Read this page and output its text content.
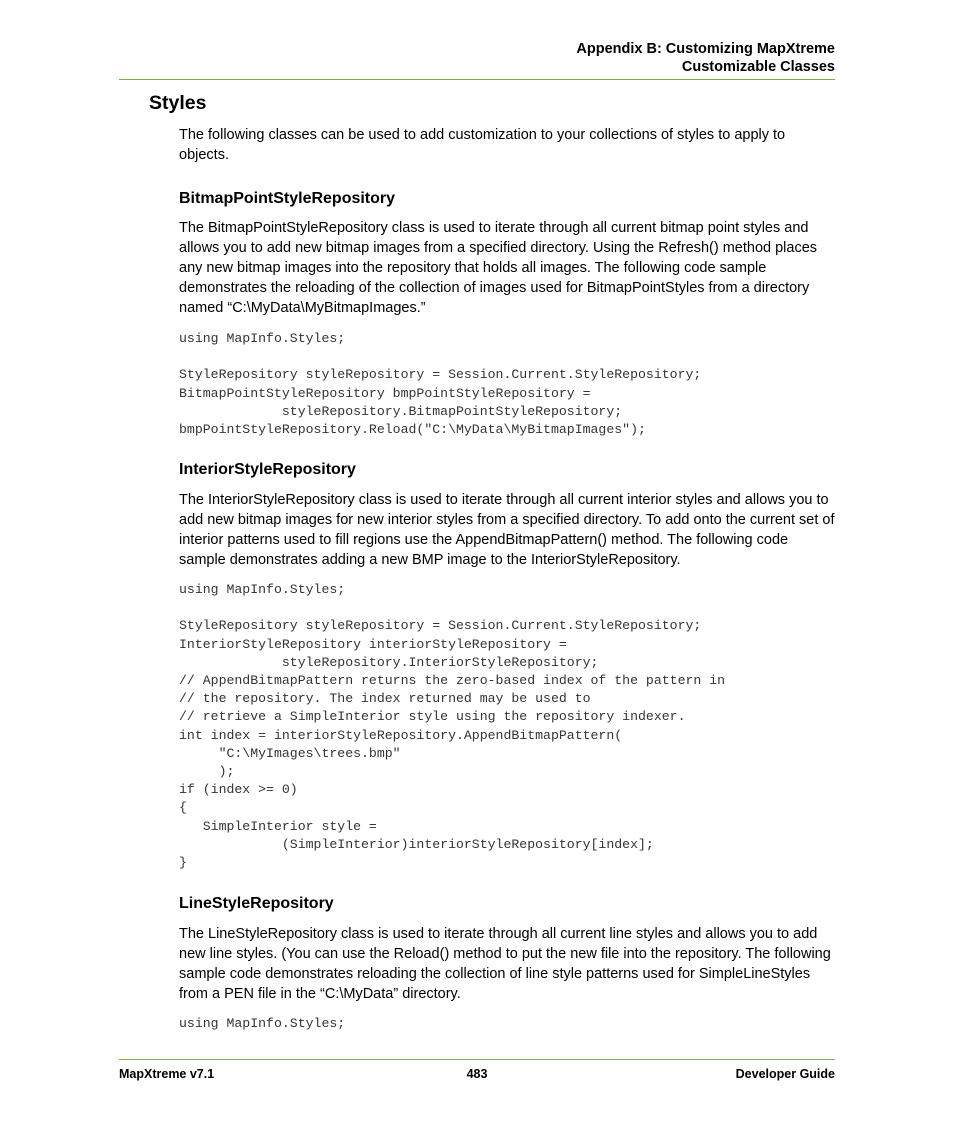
Appendix B: Customizing MapXtreme
Customizable Classes
Styles
The following classes can be used to add customization to your collections of styles to apply to objects.
BitmapPointStyleRepository
The BitmapPointStyleRepository class is used to iterate through all current bitmap point styles and allows you to add new bitmap images from a specified directory. Using the Refresh() method places any new bitmap images into the repository that holds all images. The following code sample demonstrates the reloading of the collection of images used for BitmapPointStyles from a directory named “C:\MyData\MyBitmapImages.”
using MapInfo.Styles;

StyleRepository styleRepository = Session.Current.StyleRepository;
BitmapPointStyleRepository bmpPointStyleRepository =
styleRepository.BitmapPointStyleRepository;
bmpPointStyleRepository.Reload("C:\MyData\MyBitmapImages");
InteriorStyleRepository
The InteriorStyleRepository class is used to iterate through all current interior styles and allows you to add new bitmap images for new interior styles from a specified directory. To add onto the current set of interior patterns used to fill regions use the AppendBitmapPattern() method. The following code sample demonstrates adding a new BMP image to the InteriorStyleRepository.
using MapInfo.Styles;

StyleRepository styleRepository = Session.Current.StyleRepository;
InteriorStyleRepository interiorStyleRepository =
styleRepository.InteriorStyleRepository;
// AppendBitmapPattern returns the zero-based index of the pattern in
// the repository. The index returned may be used to
// retrieve a SimpleInterior style using the repository indexer.
int index = interiorStyleRepository.AppendBitmapPattern(
"C:\MyImages\trees.bmp"
);
if (index >= 0)
{
SimpleInterior style =
(SimpleInterior)interiorStyleRepository[index];
}
LineStyleRepository
The LineStyleRepository class is used to iterate through all current line styles and allows you to add new line styles. (You can use the Reload() method to put the new file into the repository. The following sample code demonstrates reloading the collection of line style patterns used for SimpleLineStyles from a PEN file in the “C:\MyData” directory.
using MapInfo.Styles;
MapXtreme v7.1	483	Developer Guide
